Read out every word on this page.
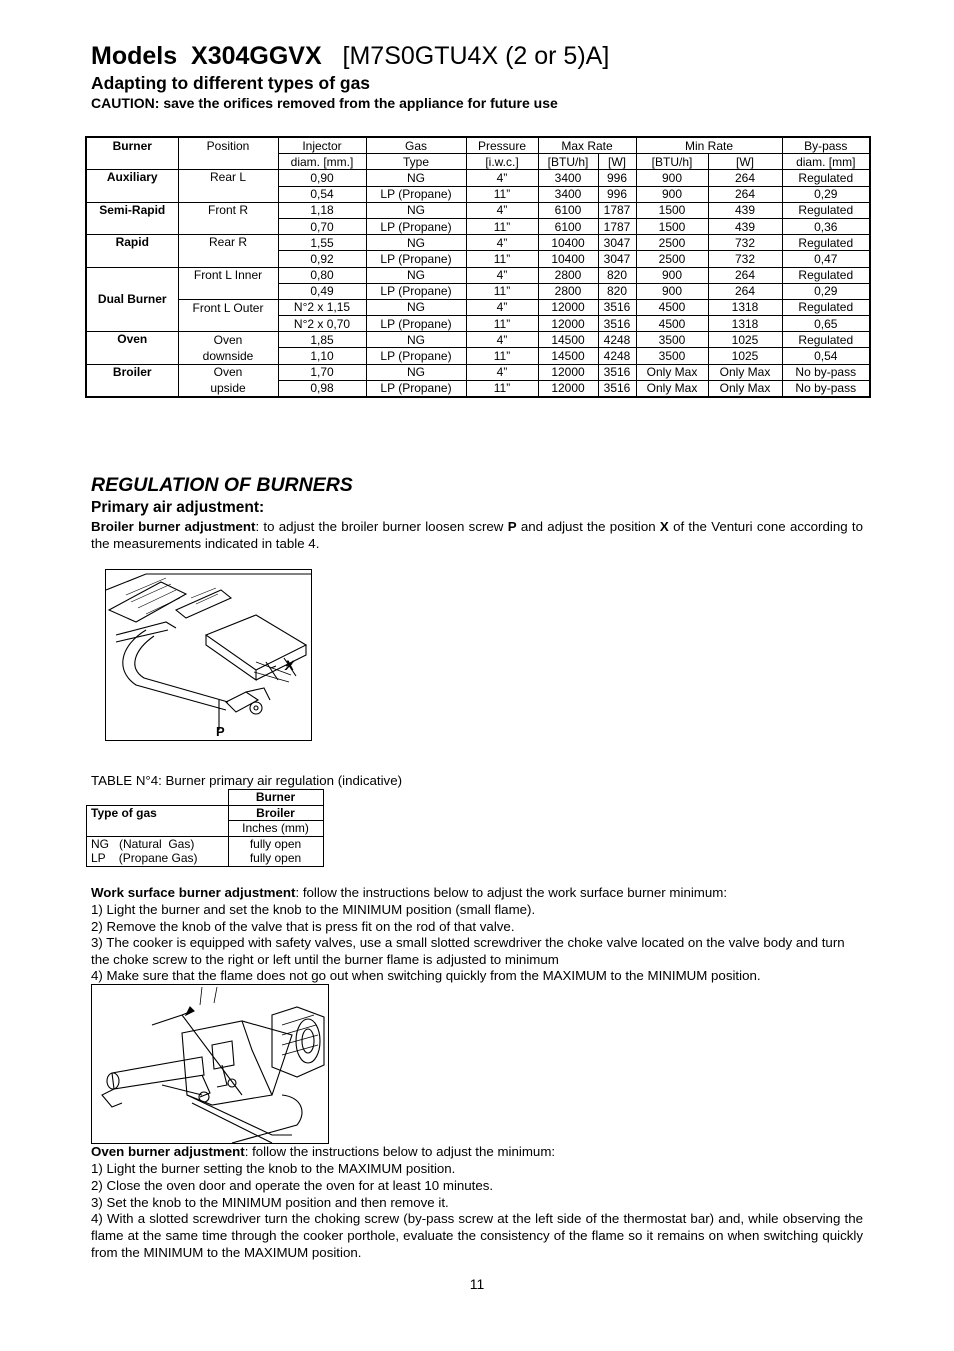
Models X304GGVX [M7S0GTU4X (2 or 5)A]
Adapting to different types of gas
CAUTION: save the orifices removed from the appliance for future use
Burner	Position	Injector	Gas	Pressure	Max Rate		Min Rate		By-pass
		diam. [mm.]	Type	[i.w.c.]	[BTU/h]	[W]	[BTU/h]	[W]	diam. [mm]
Auxiliary	Rear L	0,90	NG	4”	3400	996	900	264	Regulated
		0,54	LP (Propane)	11”	3400	996	900	264	0,29
Semi-Rapid	Front R	1,18	NG	4”	6100	1787	1500	439	Regulated
		0,70	LP (Propane)	11”	6100	1787	1500	439	0,36
Rapid	Rear R	1,55	NG	4”	10400	3047	2500	732	Regulated
		0,92	LP (Propane)	11”	10400	3047	2500	732	0,47
Dual Burner	Front L Inner	0,80	NG	4”	2800	820	900	264	Regulated
		0,49	LP (Propane)	11”	2800	820	900	264	0,29
	Front L Outer	N°2 x 1,15	NG	4”	12000	3516	4500	1318	Regulated
		N°2 x 0,70	LP (Propane)	11”	12000	3516	4500	1318	0,65
Oven	Oven	1,85	NG	4”	14500	4248	3500	1025	Regulated
	downside	1,10	LP (Propane)	11”	14500	4248	3500	1025	0,54
Broiler	Oven	1,70	NG	4”	12000	3516	Only Max	Only Max	No by-pass
	upside	0,98	LP (Propane)	11”	12000	3516	Only Max	Only Max	No by-pass
REGULATION OF BURNERS
Primary air adjustment:
Broiler burner adjustment: to adjust the broiler burner loosen screw P and adjust the position X of the Venturi cone according to the measurements indicated in table 4.
P
X
TABLE N°4: Burner primary air regulation (indicative)
	Burner
Type of gas	Broiler
	Inches (mm)
NG   (Natural  Gas)	fully open
LP    (Propane Gas)	fully open
Work surface burner adjustment: follow the instructions below to adjust the work surface burner minimum:
1) Light the burner and set the knob to the MINIMUM position (small flame).
2) Remove the knob of the valve that is press fit on the rod of that valve.
3) The cooker is equipped with safety valves, use a small slotted screwdriver the choke valve located on the valve body and turn the choke screw to the right or left until the burner flame is adjusted to minimum
4) Make sure that the flame does not go out when switching quickly from the MAXIMUM to the MINIMUM position.
Oven burner adjustment: follow the instructions below to adjust the minimum:
1) Light the burner setting the knob to the MAXIMUM position.
2) Close the oven door and operate the oven for at least 10 minutes.
3) Set the knob to the MINIMUM position and then remove it.
4) With a slotted screwdriver turn the choking screw (by-pass screw at the left side of the thermostat bar) and, while observing the flame at the same time through the cooker porthole, evaluate the consistency of the flame so it remains on when switching quickly from the MINIMUM to the MAXIMUM position.
11
